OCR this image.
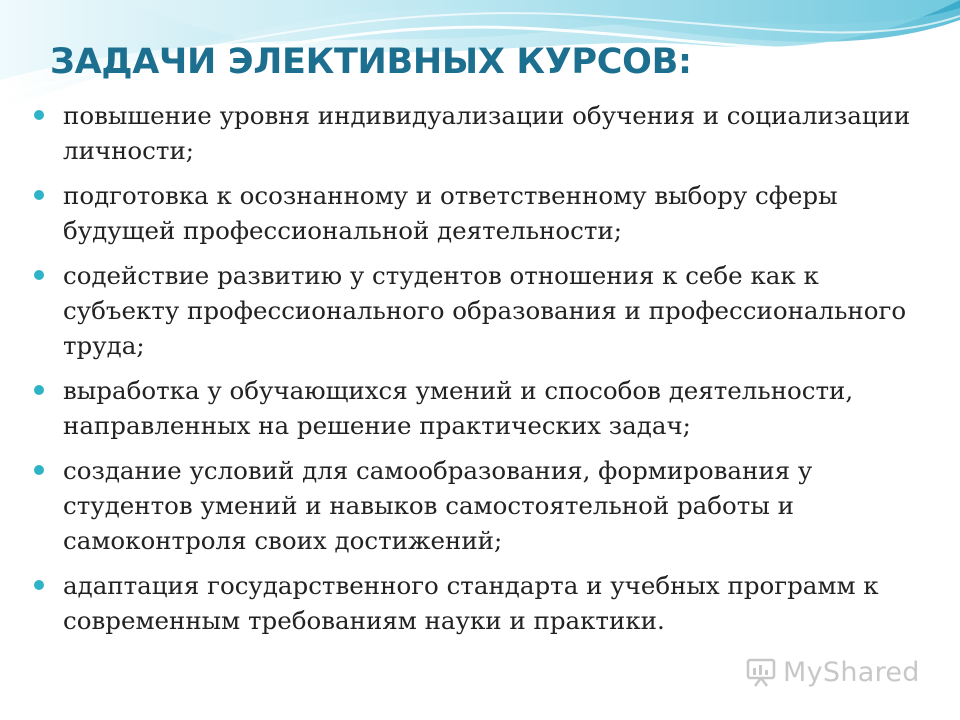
ЗАДАЧИ ЭЛЕКТИВНЫХ КУРСОВ:
повышение уровня индивидуализации обучения и социализации личности;
подготовка к осознанному и ответственному выбору сферы будущей профессиональной деятельности;
содействие развитию у студентов отношения к себе как к субъекту профессионального образования и профессионального труда;
выработка у обучающихся умений и способов деятельности, направленных на решение практических задач;
создание условий для самообразования, формирования у студентов умений и навыков самостоятельной работы и самоконтроля своих достижений;
адаптация государственного стандарта и учебных программ к современным требованиям науки и практики.
MyShared
